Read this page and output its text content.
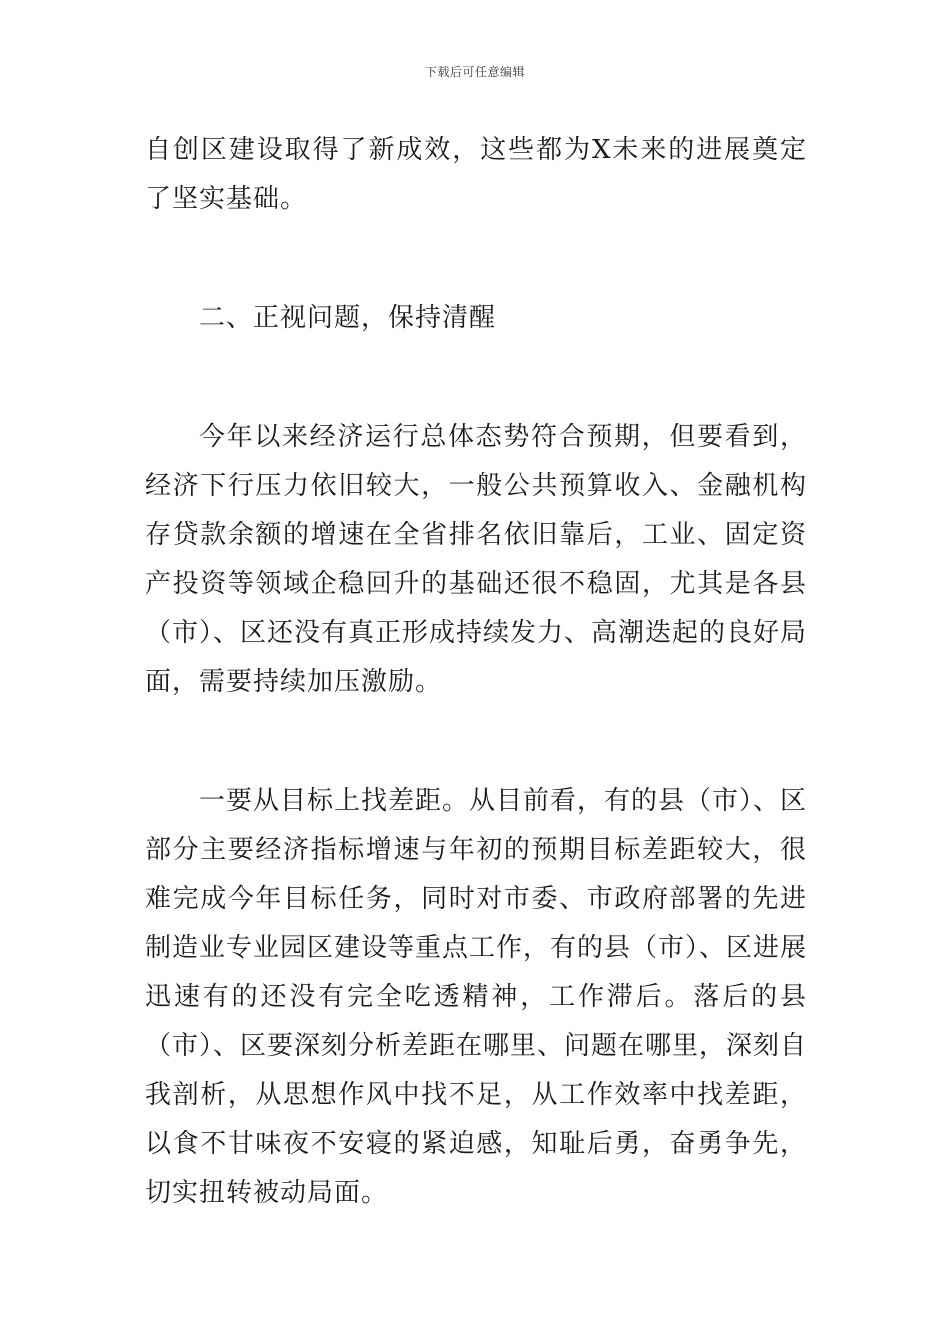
下载后可任意编辑

自创区建设取得了新成效，这些都为X未来的进展奠定了坚实基础。

二、正视问题，保持清醒

今年以来经济运行总体态势符合预期，但要看到，经济下行压力依旧较大，一般公共预算收入、金融机构存贷款余额的增速在全省排名依旧靠后，工业、固定资产投资等领域企稳回升的基础还很不稳固，尤其是各县（市）、区还没有真正形成持续发力、高潮迭起的良好局面，需要持续加压激励。

一要从目标上找差距。从目前看，有的县（市）、区部分主要经济指标增速与年初的预期目标差距较大，很难完成今年目标任务，同时对市委、市政府部署的先进制造业专业园区建设等重点工作，有的县（市）、区进展迅速有的还没有完全吃透精神，工作滞后。落后的县（市）、区要深刻分析差距在哪里、问题在哪里，深刻自我剖析，从思想作风中找不足，从工作效率中找差距，以食不甘味夜不安寝的紧迫感，知耻后勇，奋勇争先，切实扭转被动局面。
